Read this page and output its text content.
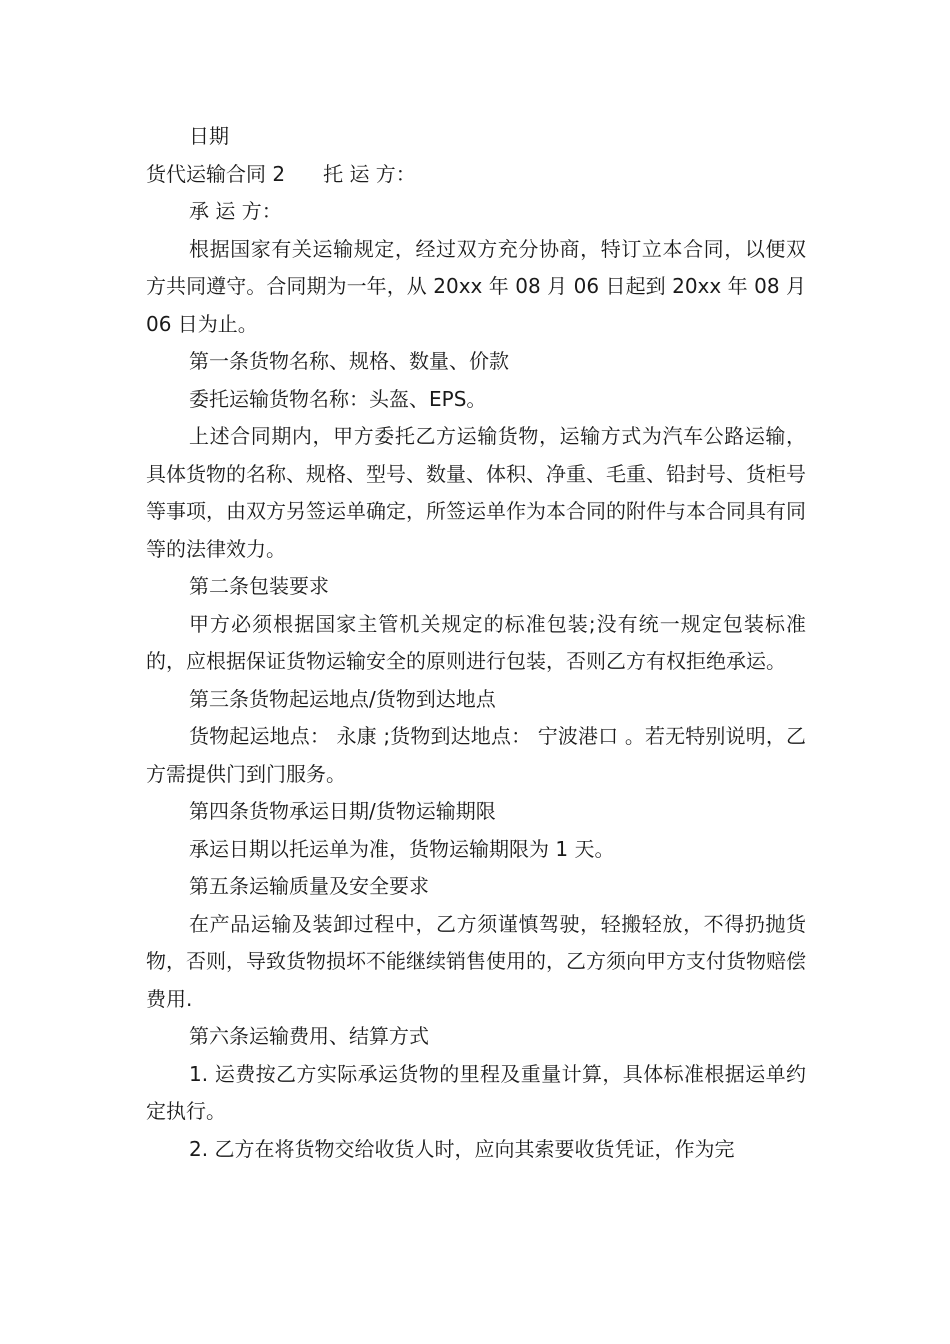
日期

货代运输合同 2 托 运 方：

承 运 方：

根据国家有关运输规定，经过双方充分协商，特订立本合同，以便双方共同遵守。合同期为一年，从 20xx 年 08 月 06 日起到 20xx 年 08 月 06 日为止。

第一条货物名称、规格、数量、价款

委托运输货物名称：头盔、EPS。

上述合同期内，甲方委托乙方运输货物，运输方式为汽车公路运输，具体货物的名称、规格、型号、数量、体积、净重、毛重、铅封号、货柜号等事项，由双方另签运单确定，所签运单作为本合同的附件与本合同具有同等的法律效力。

第二条包装要求

甲方必须根据国家主管机关规定的标准包装;没有统一规定包装标准的，应根据保证货物运输安全的原则进行包装，否则乙方有权拒绝承运。

第三条货物起运地点/货物到达地点

货物起运地点： 永康 ;货物到达地点： 宁波港口 。若无特别说明，乙方需提供门到门服务。

第四条货物承运日期/货物运输期限

承运日期以托运单为准，货物运输期限为 1 天。

第五条运输质量及安全要求

在产品运输及装卸过程中，乙方须谨慎驾驶，轻搬轻放，不得扔抛货物，否则，导致货物损坏不能继续销售使用的，乙方须向甲方支付货物赔偿费用.

第六条运输费用、结算方式

1. 运费按乙方实际承运货物的里程及重量计算，具体标准根据运单约定执行。

2. 乙方在将货物交给收货人时，应向其索要收货凭证，作为完
